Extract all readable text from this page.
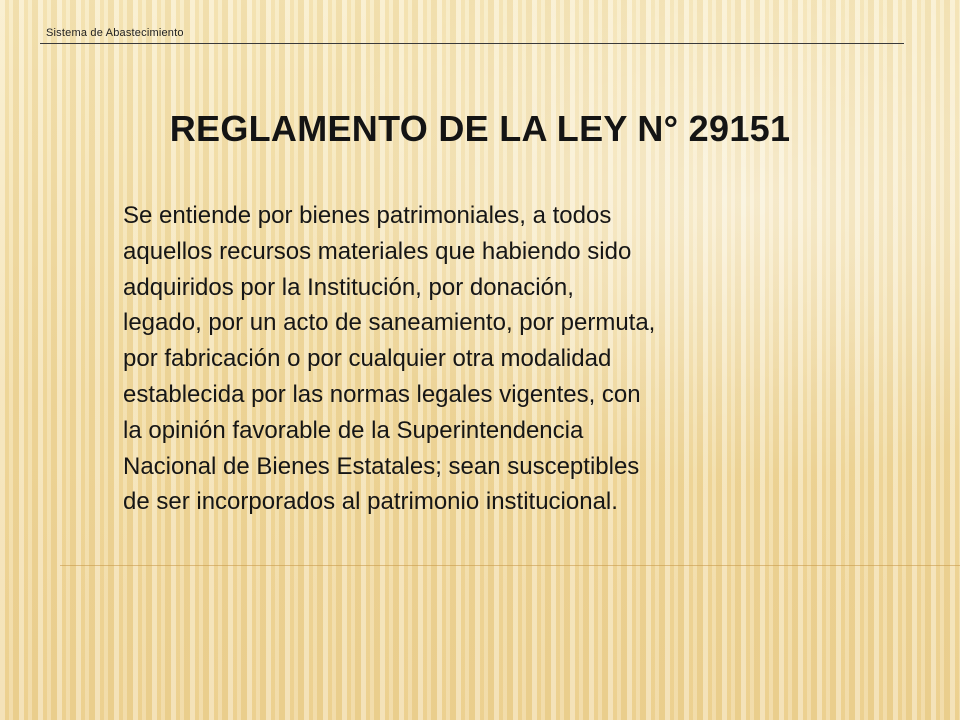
Sistema de Abastecimiento
REGLAMENTO DE LA LEY N° 29151

Se entiende por bienes patrimoniales, a todos
aquellos recursos materiales que habiendo sido
adquiridos por la Institución, por donación,
legado, por un acto de saneamiento, por permuta,
por fabricación o por cualquier otra modalidad
establecida por las normas legales vigentes, con
la opinión favorable de la Superintendencia
Nacional de Bienes Estatales; sean susceptibles
de ser incorporados al patrimonio institucional.
